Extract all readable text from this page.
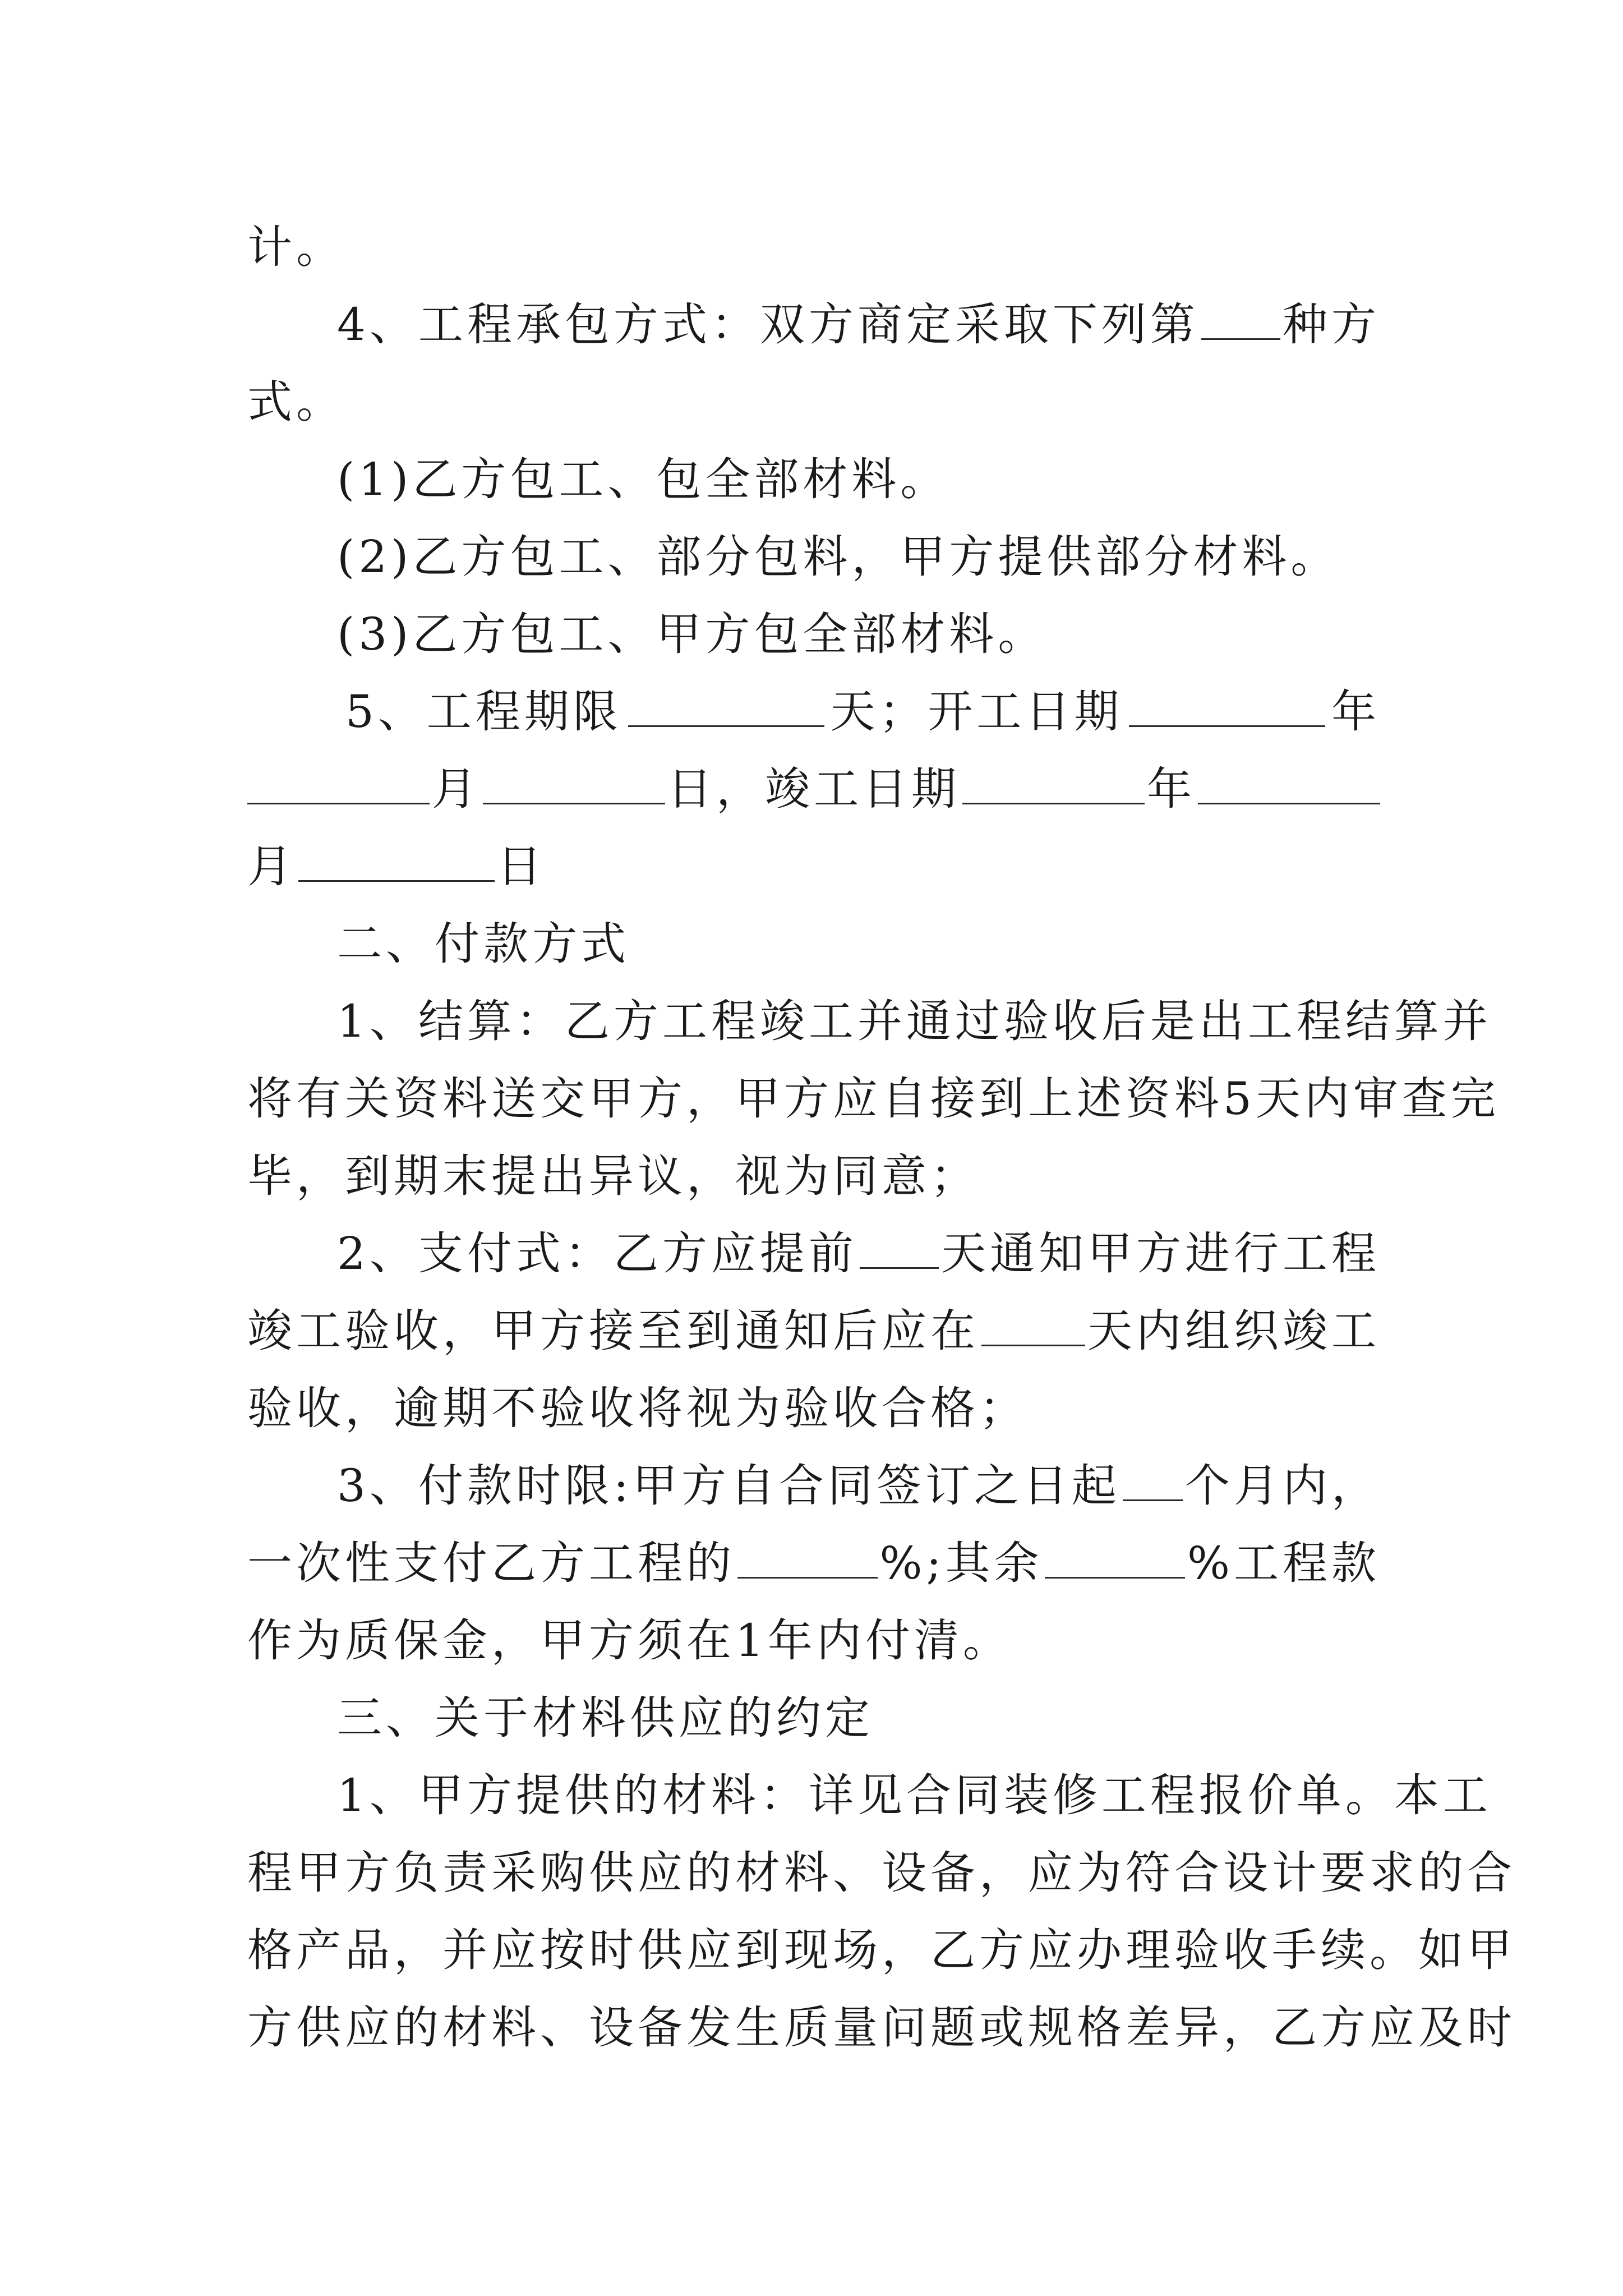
计。

4、工程承包方式：双方商定采取下列第 种方

式。

(1)乙方包工、包全部材料。

(2)乙方包工、部分包料，甲方提供部分材料。

(3)乙方包工、甲方包全部材料。

5、工程期限	天；开工日期	年

月	日，竣工日期	年

月	日

二、付款方式

1、结算：乙方工程竣工并通过验收后是出工程结算并

将有关资料送交甲方，甲方应自接到上述资料5天内审查完

毕，到期末提出异议，视为同意；

2、支付式：乙方应提前 天通知甲方进行工程

竣工验收，甲方接至到通知后应在 天内组织竣工

验收，逾期不验收将视为验收合格；

3、付款时限:甲方自合同签订之日起 个月内，

一次性支付乙方工程的	%;其余	%工程款

作为质保金，甲方须在1年内付清。

三、关于材料供应的约定

1、甲方提供的材料：详见合同装修工程报价单。本工

程甲方负责采购供应的材料、设备，应为符合设计要求的合

格产品，并应按时供应到现场，乙方应办理验收手续。如甲

方供应的材料、设备发生质量问题或规格差异，乙方应及时
